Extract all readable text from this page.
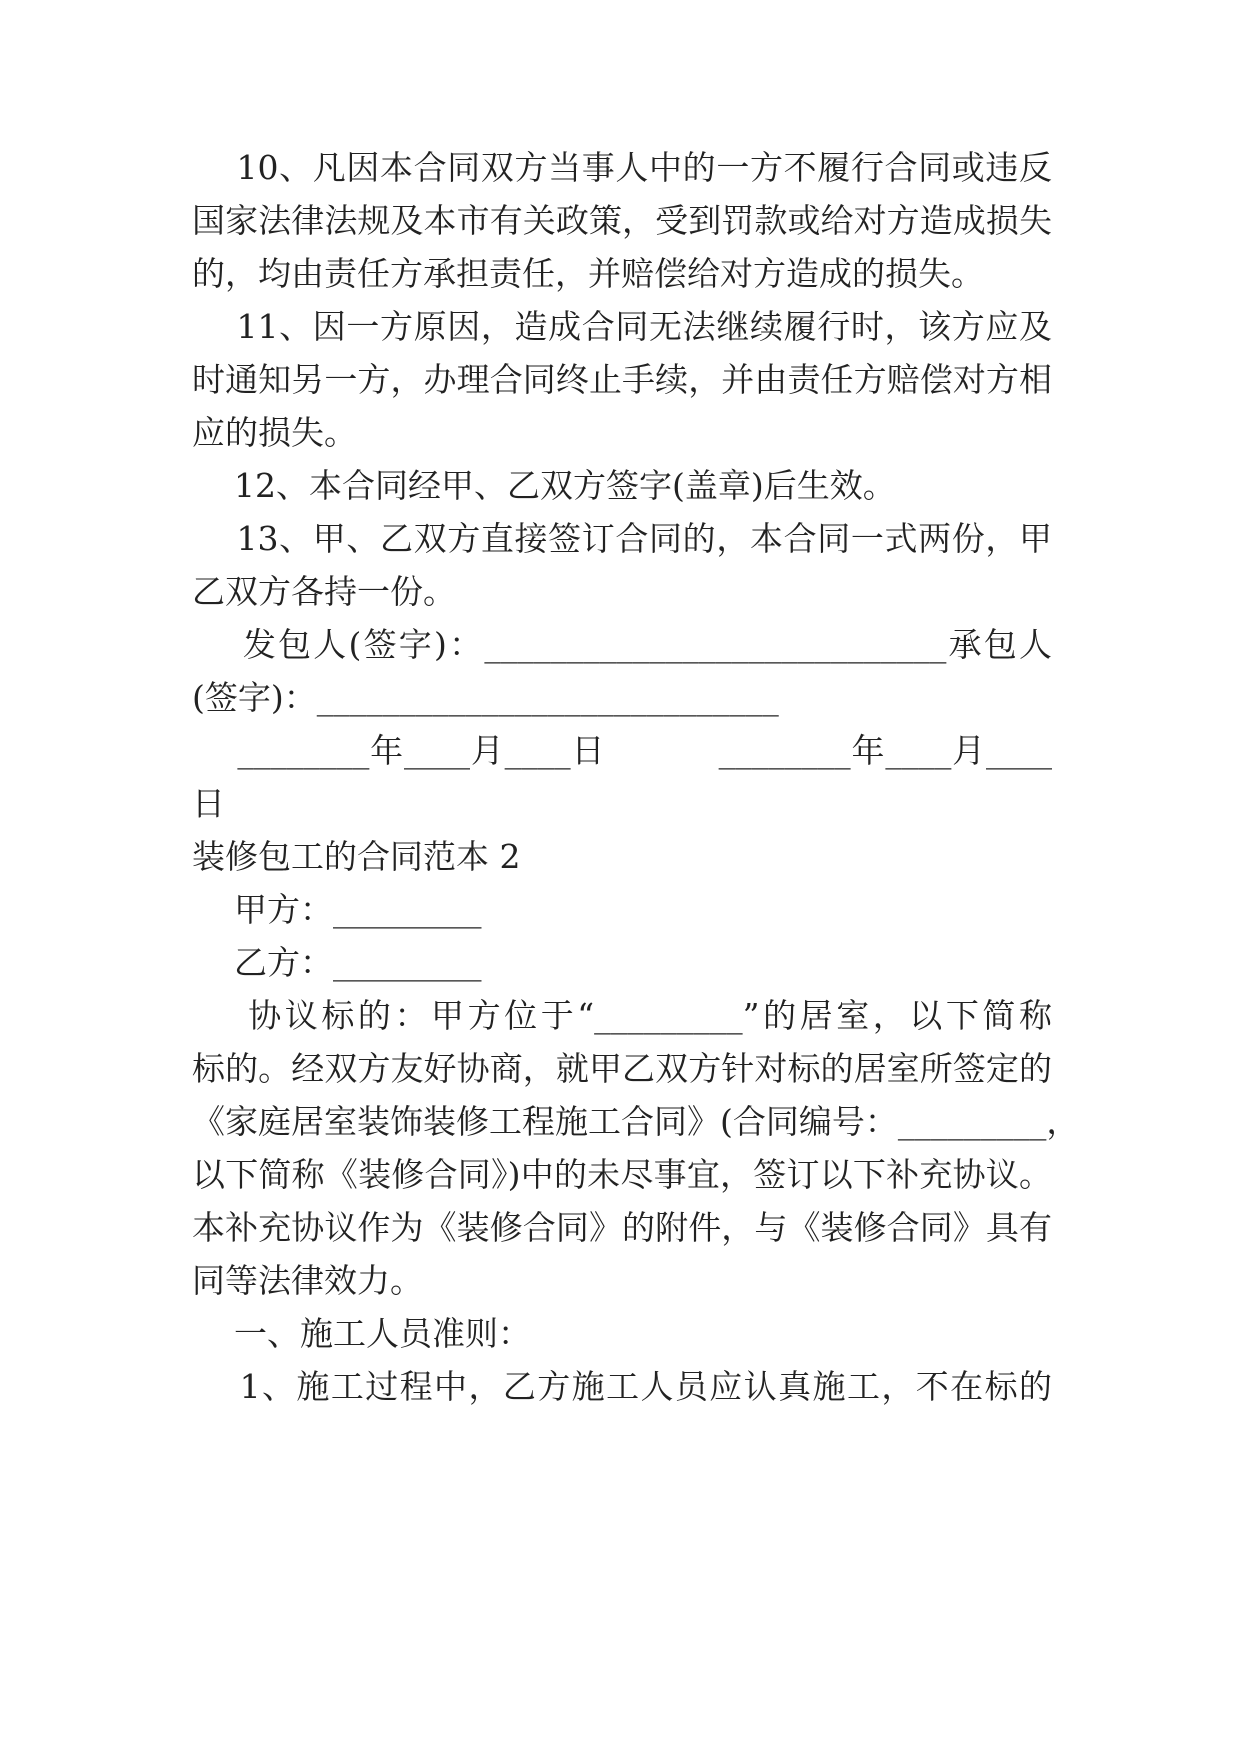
10、凡因本合同双方当事人中的一方不履行合同或违反
国家法律法规及本市有关政策，受到罚款或给对方造成损失
的，均由责任方承担责任，并赔偿给对方造成的损失。
11、因一方原因，造成合同无法继续履行时，该方应及
时通知另一方，办理合同终止手续，并由责任方赔偿对方相
应的损失。
12、本合同经甲、乙双方签字(盖章)后生效。
13、甲、乙双方直接签订合同的，本合同一式两份，甲
乙双方各持一份。
发包人(签字)：____________________________承包人
(签字)：____________________________
________年____月____日          ________年____月____
日
装修包工的合同范本 2
甲方：_________
乙方：_________
协议标的：甲方位于“_________”的居室，以下简称
标的。经双方友好协商，就甲乙双方针对标的居室所签定的
《家庭居室装饰装修工程施工合同》(合同编号：_________，
以下简称《装修合同》)中的未尽事宜，签订以下补充协议。
本补充协议作为《装修合同》的附件，与《装修合同》具有
同等法律效力。
一、施工人员准则：
1、施工过程中，乙方施工人员应认真施工，不在标的
